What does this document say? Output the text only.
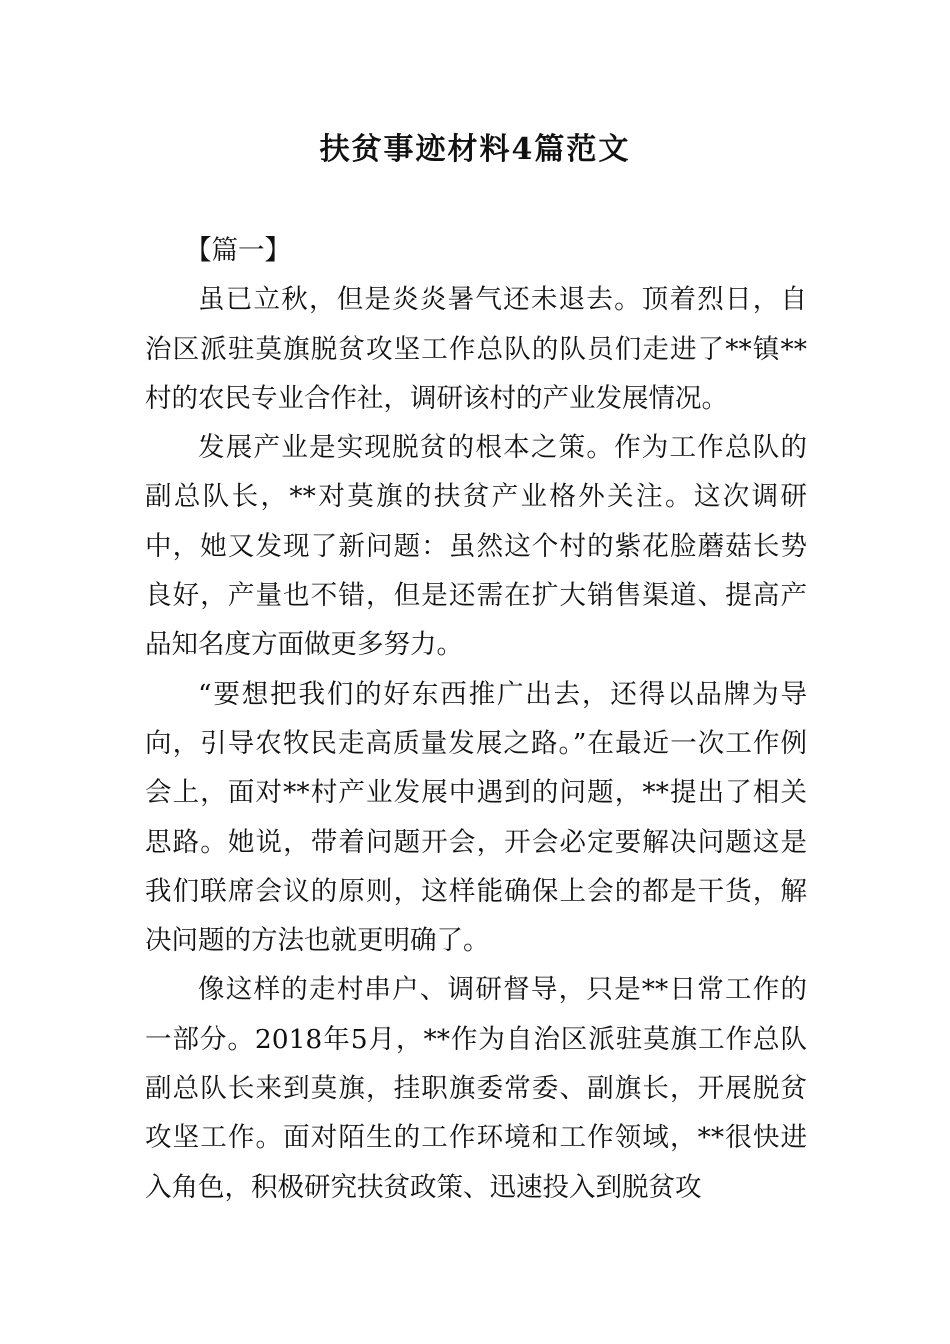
扶贫事迹材料4篇范文

【篇一】

虽已立秋，但是炎炎暑气还未退去。顶着烈日，自治区派驻莫旗脱贫攻坚工作总队的队员们走进了**镇**村的农民专业合作社，调研该村的产业发展情况。

发展产业是实现脱贫的根本之策。作为工作总队的副总队长，**对莫旗的扶贫产业格外关注。这次调研中，她又发现了新问题：虽然这个村的紫花脸蘑菇长势良好，产量也不错，但是还需在扩大销售渠道、提高产品知名度方面做更多努力。

“要想把我们的好东西推广出去，还得以品牌为导向，引导农牧民走高质量发展之路。”在最近一次工作例会上，面对**村产业发展中遇到的问题，**提出了相关思路。她说，带着问题开会，开会必定要解决问题这是我们联席会议的原则，这样能确保上会的都是干货，解决问题的方法也就更明确了。

像这样的走村串户、调研督导，只是**日常工作的一部分。2018年5月，**作为自治区派驻莫旗工作总队副总队长来到莫旗，挂职旗委常委、副旗长，开展脱贫攻坚工作。面对陌生的工作环境和工作领域，**很快进入角色，积极研究扶贫政策、迅速投入到脱贫攻
